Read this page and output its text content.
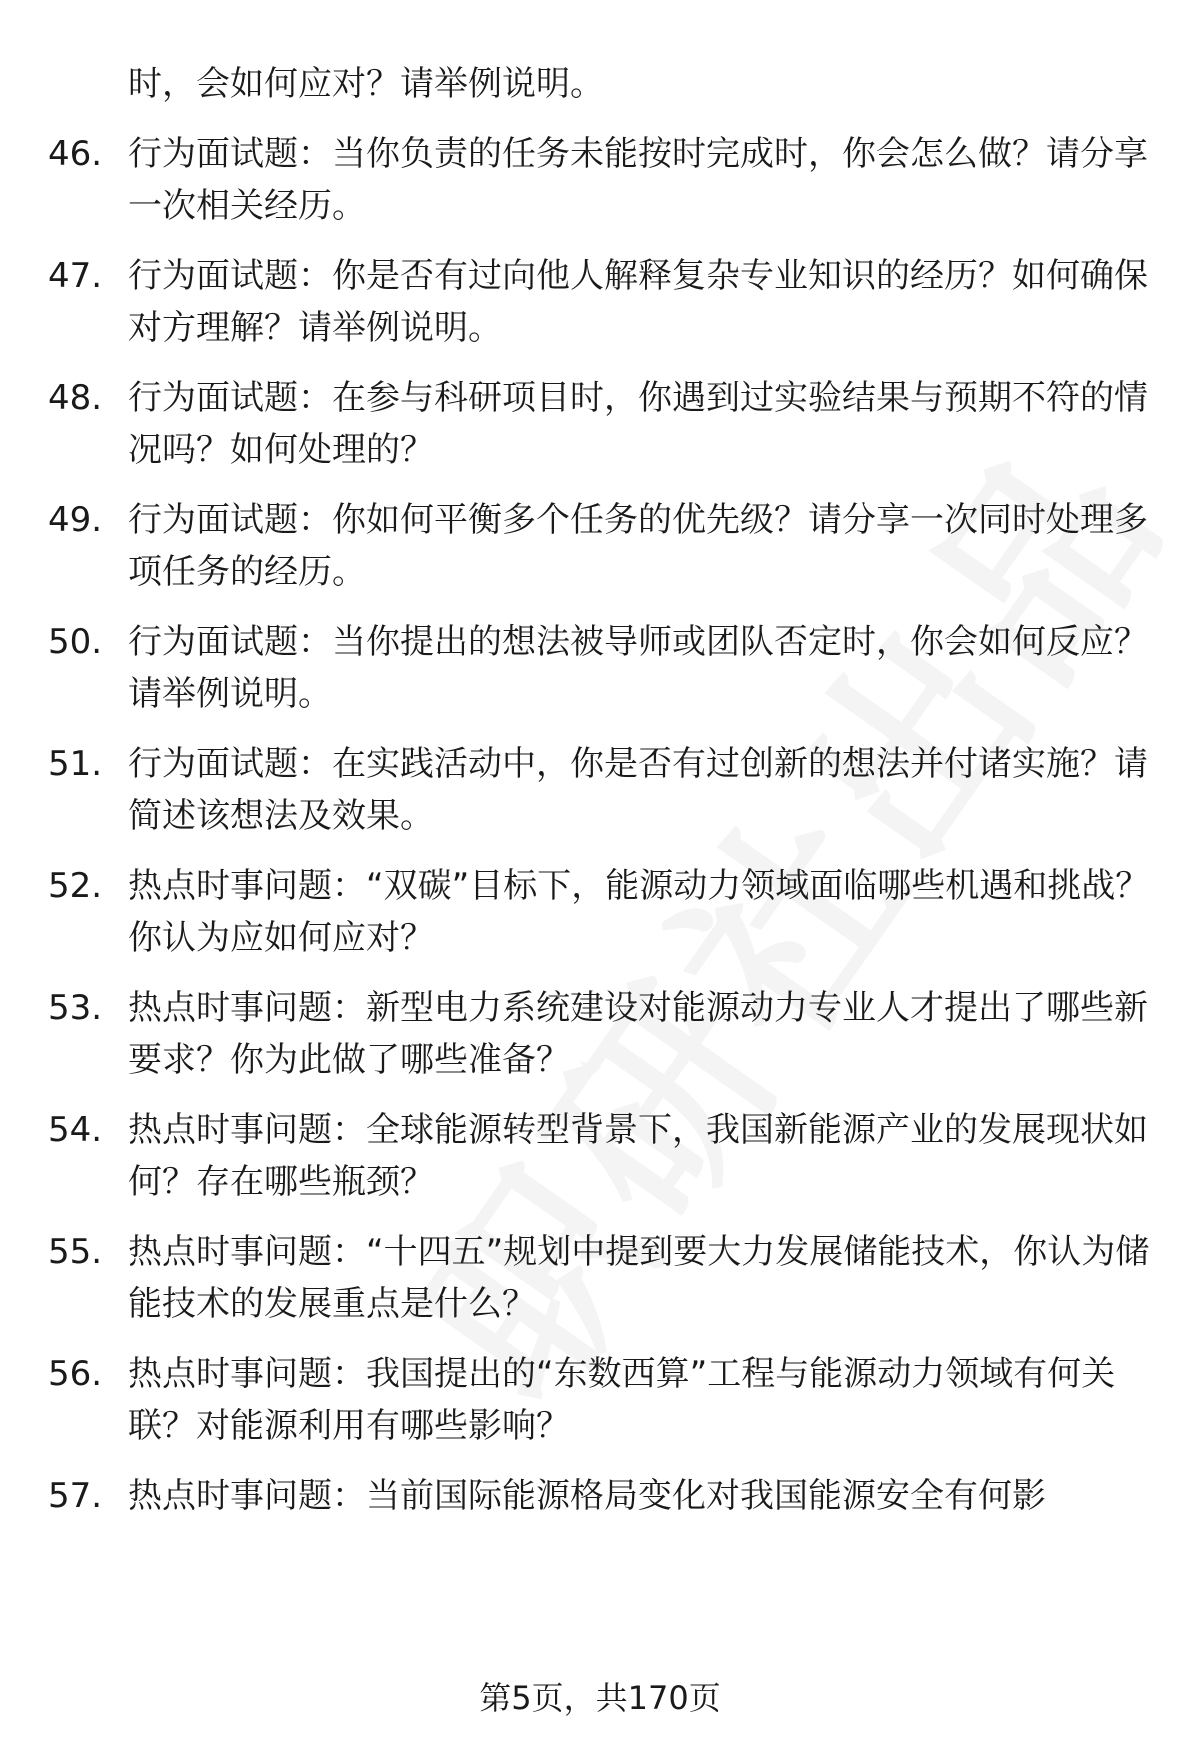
时，会如何应对？请举例说明。
46. 行为面试题：当你负责的任务未能按时完成时，你会怎么做？请分享一次相关经历。
47. 行为面试题：你是否有过向他人解释复杂专业知识的经历？如何确保对方理解？请举例说明。
48. 行为面试题：在参与科研项目时，你遇到过实验结果与预期不符的情况吗？如何处理的？
49. 行为面试题：你如何平衡多个任务的优先级？请分享一次同时处理多项任务的经历。
50. 行为面试题：当你提出的想法被导师或团队否定时，你会如何反应？请举例说明。
51. 行为面试题：在实践活动中，你是否有过创新的想法并付诸实施？请简述该想法及效果。
52. 热点时事问题：“双碳”目标下，能源动力领域面临哪些机遇和挑战？你认为应如何应对？
53. 热点时事问题：新型电力系统建设对能源动力专业人才提出了哪些新要求？你为此做了哪些准备？
54. 热点时事问题：全球能源转型背景下，我国新能源产业的发展现状如何？存在哪些瓶颈？
55. 热点时事问题：“十四五”规划中提到要大力发展储能技术，你认为储能技术的发展重点是什么？
56. 热点时事问题：我国提出的“东数西算”工程与能源动力领域有何关联？对能源利用有哪些影响？
57. 热点时事问题：当前国际能源格局变化对我国能源安全有何影
第5页，共170页
